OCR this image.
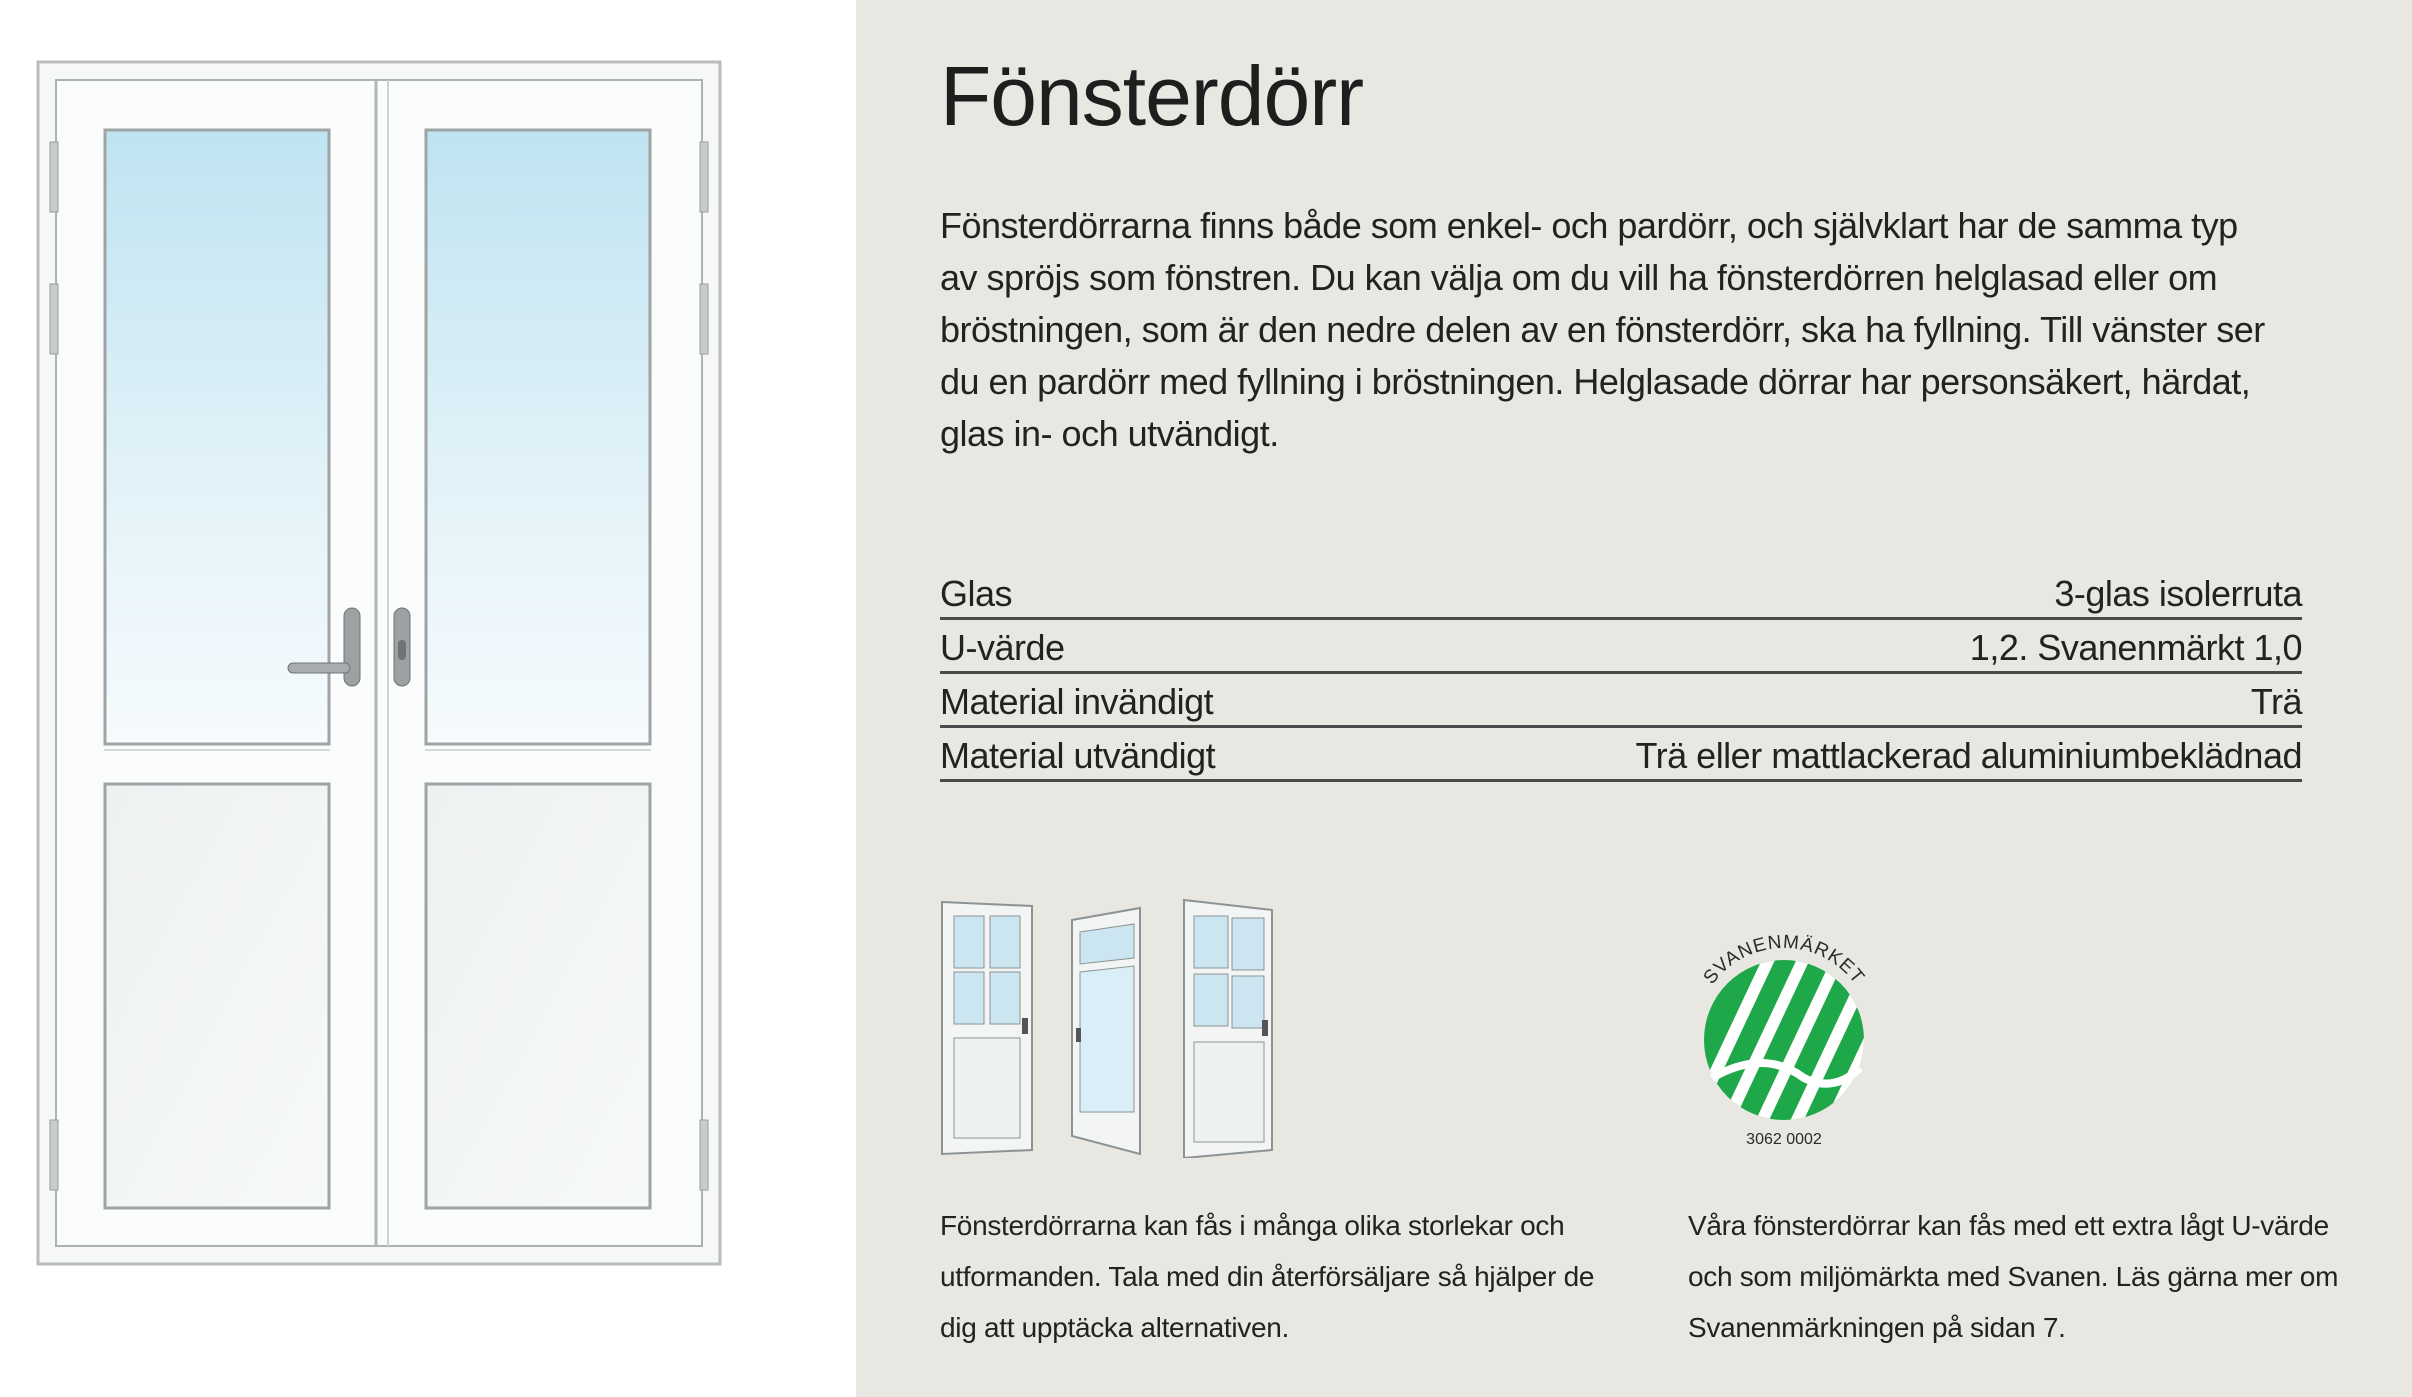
Fönsterdörr

Fönsterdörrarna finns både som enkel- och pardörr, och självklart har de samma typ av spröjs som fönstren. Du kan välja om du vill ha fönsterdörren helglasad eller om bröstningen, som är den nedre delen av en fönsterdörr, ska ha fyllning. Till vänster ser du en pardörr med fyllning i bröstningen. Helglasade dörrar har personsäkert, härdat, glas in- och utvändigt.

Glas	3-glas isolerruta
U-värde	1,2. Svanenmärkt 1,0
Material invändigt	Trä
Material utvändigt	Trä eller mattlackerad aluminiumbeklädnad
SVANENMÄRKET
3062 0002

Fönsterdörrarna kan fås i många olika storlekar och utformanden. Tala med din återförsäljare så hjälper de dig att upptäcka alternativen.

Våra fönsterdörrar kan fås med ett extra lågt U-värde och som miljömärkta med Svanen. Läs gärna mer om Svanenmärkningen på sidan 7.
